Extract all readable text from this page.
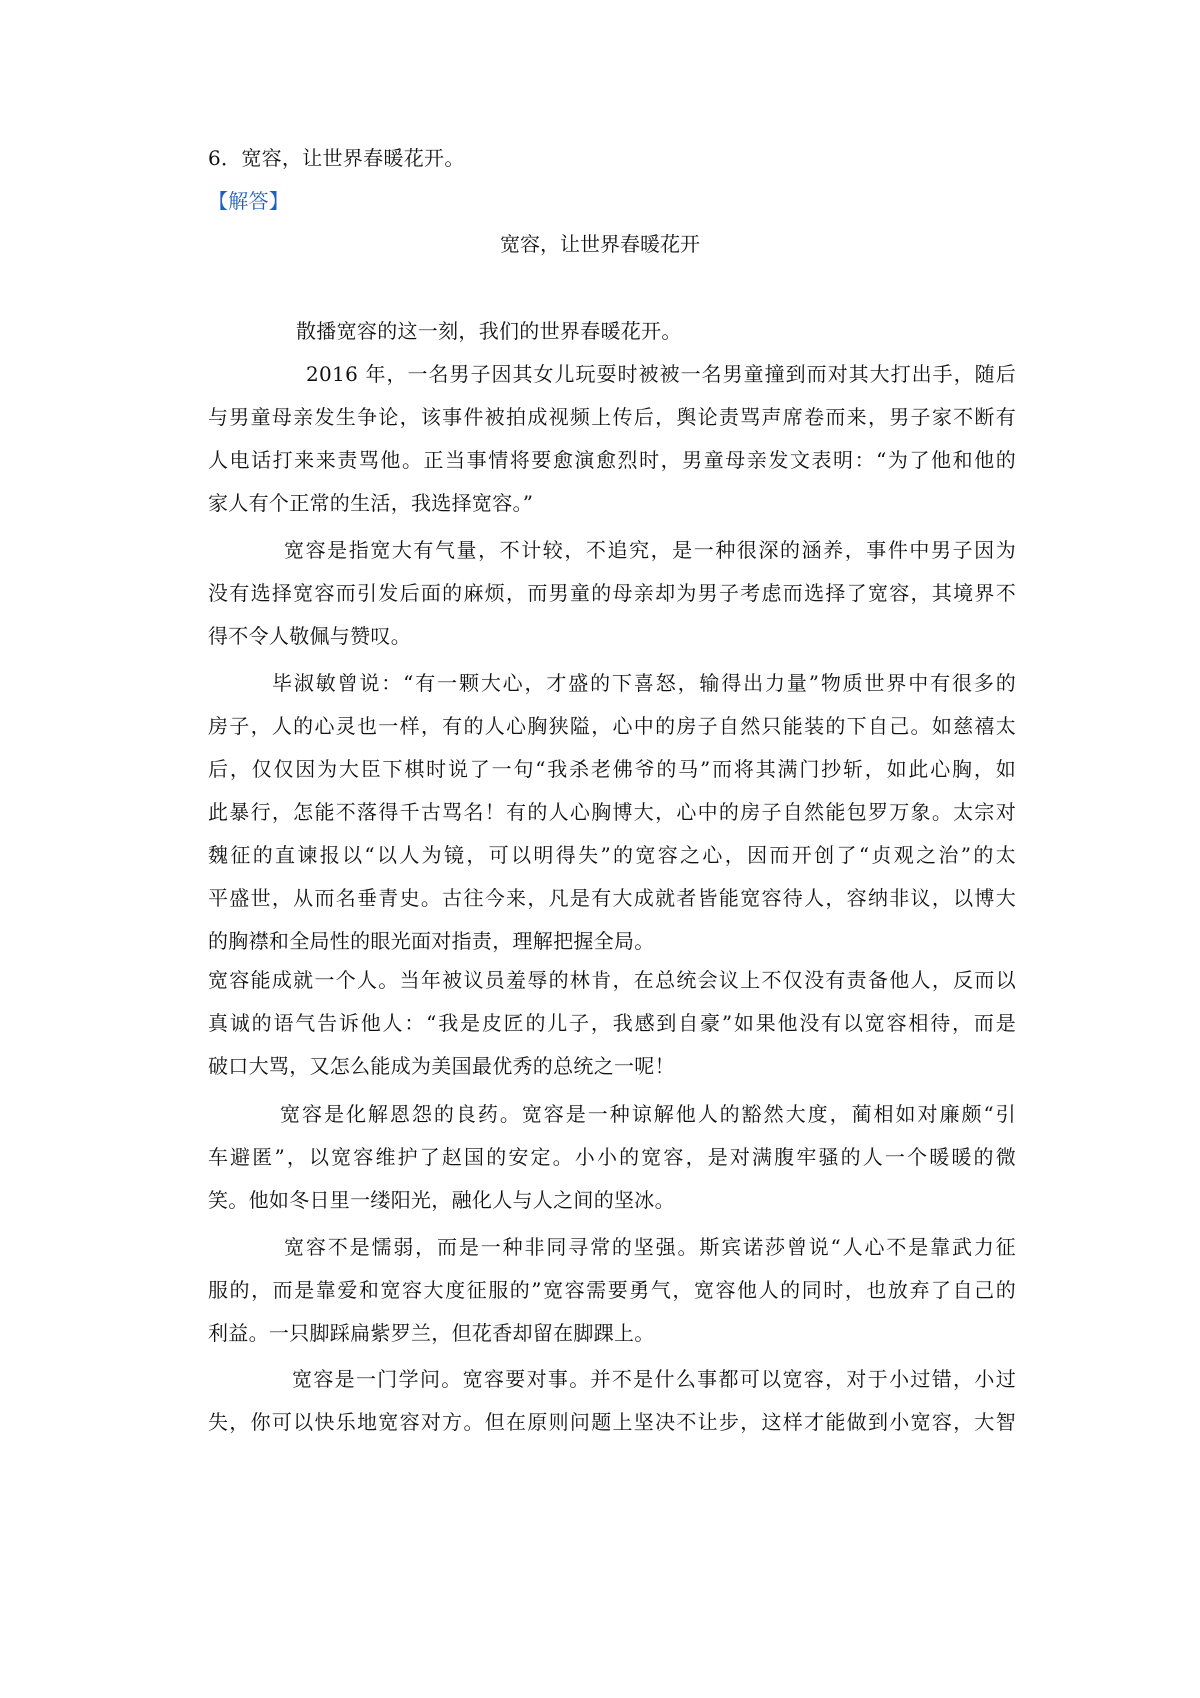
6．宽容，让世界春暖花开。
【解答】
宽容，让世界春暖花开
散播宽容的这一刻，我们的世界春暖花开。
2016 年，一名男子因其女儿玩耍时被被一名男童撞到而对其大打出手，随后
与男童母亲发生争论，该事件被拍成视频上传后，舆论责骂声席卷而来，男子家不断有
人电话打来来责骂他。正当事情将要愈演愈烈时，男童母亲发文表明：“为了他和他的
家人有个正常的生活，我选择宽容。”
宽容是指宽大有气量，不计较，不追究，是一种很深的涵养，事件中男子因为
没有选择宽容而引发后面的麻烦，而男童的母亲却为男子考虑而选择了宽容，其境界不
得不令人敬佩与赞叹。
毕淑敏曾说：“有一颗大心，才盛的下喜怒，输得出力量”物质世界中有很多的
房子，人的心灵也一样，有的人心胸狭隘，心中的房子自然只能装的下自己。如慈禧太
后，仅仅因为大臣下棋时说了一句“我杀老佛爷的马”而将其满门抄斩，如此心胸，如
此暴行，怎能不落得千古骂名！有的人心胸博大，心中的房子自然能包罗万象。太宗对
魏征的直谏报以“以人为镜，可以明得失”的宽容之心，因而开创了“贞观之治”的太
平盛世，从而名垂青史。古往今来，凡是有大成就者皆能宽容待人，容纳非议，以博大
的胸襟和全局性的眼光面对指责，理解把握全局。
宽容能成就一个人。当年被议员羞辱的林肯，在总统会议上不仅没有责备他人，反而以
真诚的语气告诉他人：“我是皮匠的儿子，我感到自豪”如果他没有以宽容相待，而是
破口大骂，又怎么能成为美国最优秀的总统之一呢！
宽容是化解恩怨的良药。宽容是一种谅解他人的豁然大度，蔺相如对廉颇“引
车避匿”，以宽容维护了赵国的安定。小小的宽容，是对满腹牢骚的人一个暖暖的微
笑。他如冬日里一缕阳光，融化人与人之间的坚冰。
宽容不是懦弱，而是一种非同寻常的坚强。斯宾诺莎曾说“人心不是靠武力征
服的，而是靠爱和宽容大度征服的”宽容需要勇气，宽容他人的同时，也放弃了自己的
利益。一只脚踩扁紫罗兰，但花香却留在脚踝上。
宽容是一门学问。宽容要对事。并不是什么事都可以宽容，对于小过错，小过
失，你可以快乐地宽容对方。但在原则问题上坚决不让步，这样才能做到小宽容，大智
